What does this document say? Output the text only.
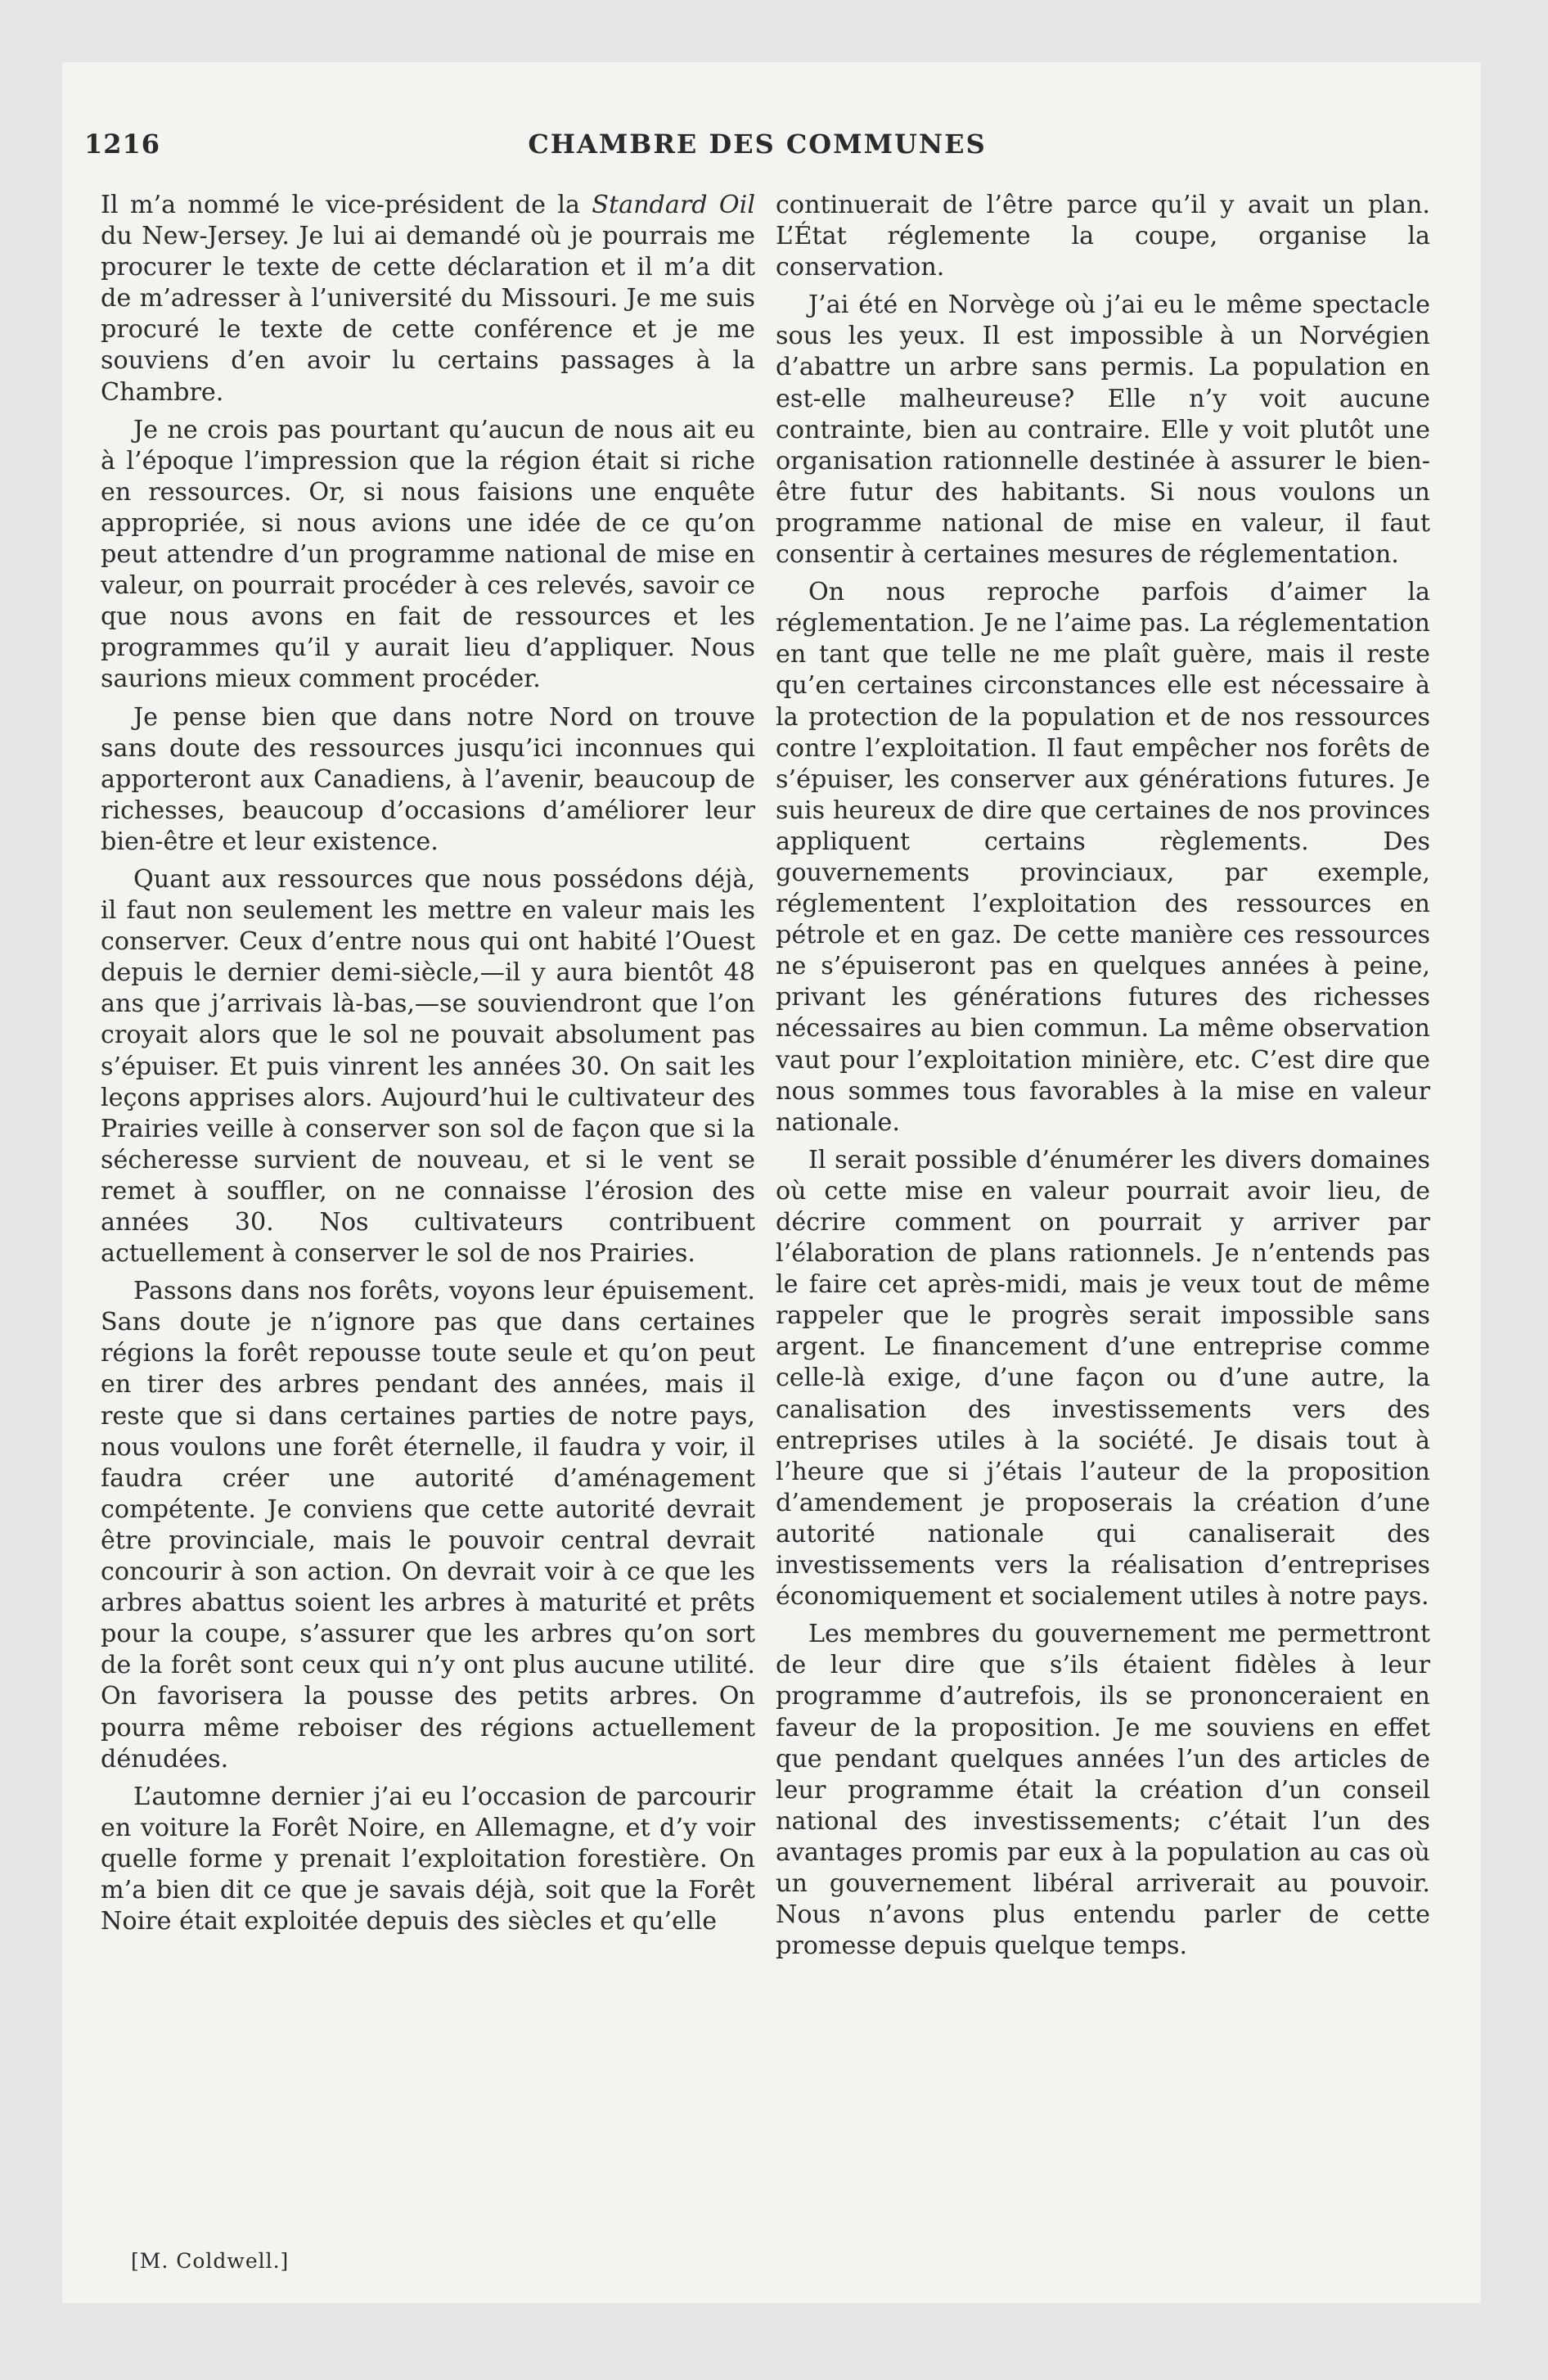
1216	CHAMBRE DES COMMUNES

Il m’a nommé le vice-président de la Standard Oil du New-Jersey. Je lui ai demandé où je pourrais me procurer le texte de cette déclaration et il m’a dit de m’adresser à l’université du Missouri. Je me suis procuré le texte de cette conférence et je me souviens d’en avoir lu certains passages à la Chambre.

Je ne crois pas pourtant qu’aucun de nous ait eu à l’époque l’impression que la région était si riche en ressources. Or, si nous faisions une enquête appropriée, si nous avions une idée de ce qu’on peut attendre d’un programme national de mise en valeur, on pourrait procéder à ces relevés, savoir ce que nous avons en fait de ressources et les programmes qu’il y aurait lieu d’appliquer. Nous saurions mieux comment procéder.

Je pense bien que dans notre Nord on trouve sans doute des ressources jusqu’ici inconnues qui apporteront aux Canadiens, à l’avenir, beaucoup de richesses, beaucoup d’occasions d’améliorer leur bien-être et leur existence.

Quant aux ressources que nous possédons déjà, il faut non seulement les mettre en valeur mais les conserver. Ceux d’entre nous qui ont habité l’Ouest depuis le dernier demi-siècle,—il y aura bientôt 48 ans que j’arrivais là-bas,—se souviendront que l’on croyait alors que le sol ne pouvait absolument pas s’épuiser. Et puis vinrent les années 30. On sait les leçons apprises alors. Aujourd’hui le cultivateur des Prairies veille à conserver son sol de façon que si la sécheresse survient de nouveau, et si le vent se remet à souffler, on ne connaisse l’érosion des années 30. Nos cultivateurs contribuent actuellement à conserver le sol de nos Prairies.

Passons dans nos forêts, voyons leur épuisement. Sans doute je n’ignore pas que dans certaines régions la forêt repousse toute seule et qu’on peut en tirer des arbres pendant des années, mais il reste que si dans certaines parties de notre pays, nous voulons une forêt éternelle, il faudra y voir, il faudra créer une autorité d’aménagement compétente. Je conviens que cette autorité devrait être provinciale, mais le pouvoir central devrait concourir à son action. On devrait voir à ce que les arbres abattus soient les arbres à maturité et prêts pour la coupe, s’assurer que les arbres qu’on sort de la forêt sont ceux qui n’y ont plus aucune utilité. On favorisera la pousse des petits arbres. On pourra même reboiser des régions actuellement dénudées.

L’automne dernier j’ai eu l’occasion de parcourir en voiture la Forêt Noire, en Allemagne, et d’y voir quelle forme y prenait l’exploitation forestière. On m’a bien dit ce que je savais déjà, soit que la Forêt Noire était exploitée depuis des siècles et qu’elle

continuerait de l’être parce qu’il y avait un plan. L’État réglemente la coupe, organise la conservation.

J’ai été en Norvège où j’ai eu le même spectacle sous les yeux. Il est impossible à un Norvégien d’abattre un arbre sans permis. La population en est-elle malheureuse? Elle n’y voit aucune contrainte, bien au contraire. Elle y voit plutôt une organisation rationnelle destinée à assurer le bien-être futur des habitants. Si nous voulons un programme national de mise en valeur, il faut consentir à certaines mesures de réglementation.

On nous reproche parfois d’aimer la réglementation. Je ne l’aime pas. La réglementation en tant que telle ne me plaît guère, mais il reste qu’en certaines circonstances elle est nécessaire à la protection de la population et de nos ressources contre l’exploitation. Il faut empêcher nos forêts de s’épuiser, les conserver aux générations futures. Je suis heureux de dire que certaines de nos provinces appliquent certains règlements. Des gouvernements provinciaux, par exemple, réglementent l’exploitation des ressources en pétrole et en gaz. De cette manière ces ressources ne s’épuiseront pas en quelques années à peine, privant les générations futures des richesses nécessaires au bien commun. La même observation vaut pour l’exploitation minière, etc. C’est dire que nous sommes tous favorables à la mise en valeur nationale.

Il serait possible d’énumérer les divers domaines où cette mise en valeur pourrait avoir lieu, de décrire comment on pourrait y arriver par l’élaboration de plans rationnels. Je n’entends pas le faire cet après-midi, mais je veux tout de même rappeler que le progrès serait impossible sans argent. Le financement d’une entreprise comme celle-là exige, d’une façon ou d’une autre, la canalisation des investissements vers des entreprises utiles à la société. Je disais tout à l’heure que si j’étais l’auteur de la proposition d’amendement je proposerais la création d’une autorité nationale qui canaliserait des investissements vers la réalisation d’entreprises économiquement et socialement utiles à notre pays.

Les membres du gouvernement me permettront de leur dire que s’ils étaient fidèles à leur programme d’autrefois, ils se prononceraient en faveur de la proposition. Je me souviens en effet que pendant quelques années l’un des articles de leur programme était la création d’un conseil national des investissements; c’était l’un des avantages promis par eux à la population au cas où un gouvernement libéral arriverait au pouvoir. Nous n’avons plus entendu parler de cette promesse depuis quelque temps.

[M. Coldwell.]
